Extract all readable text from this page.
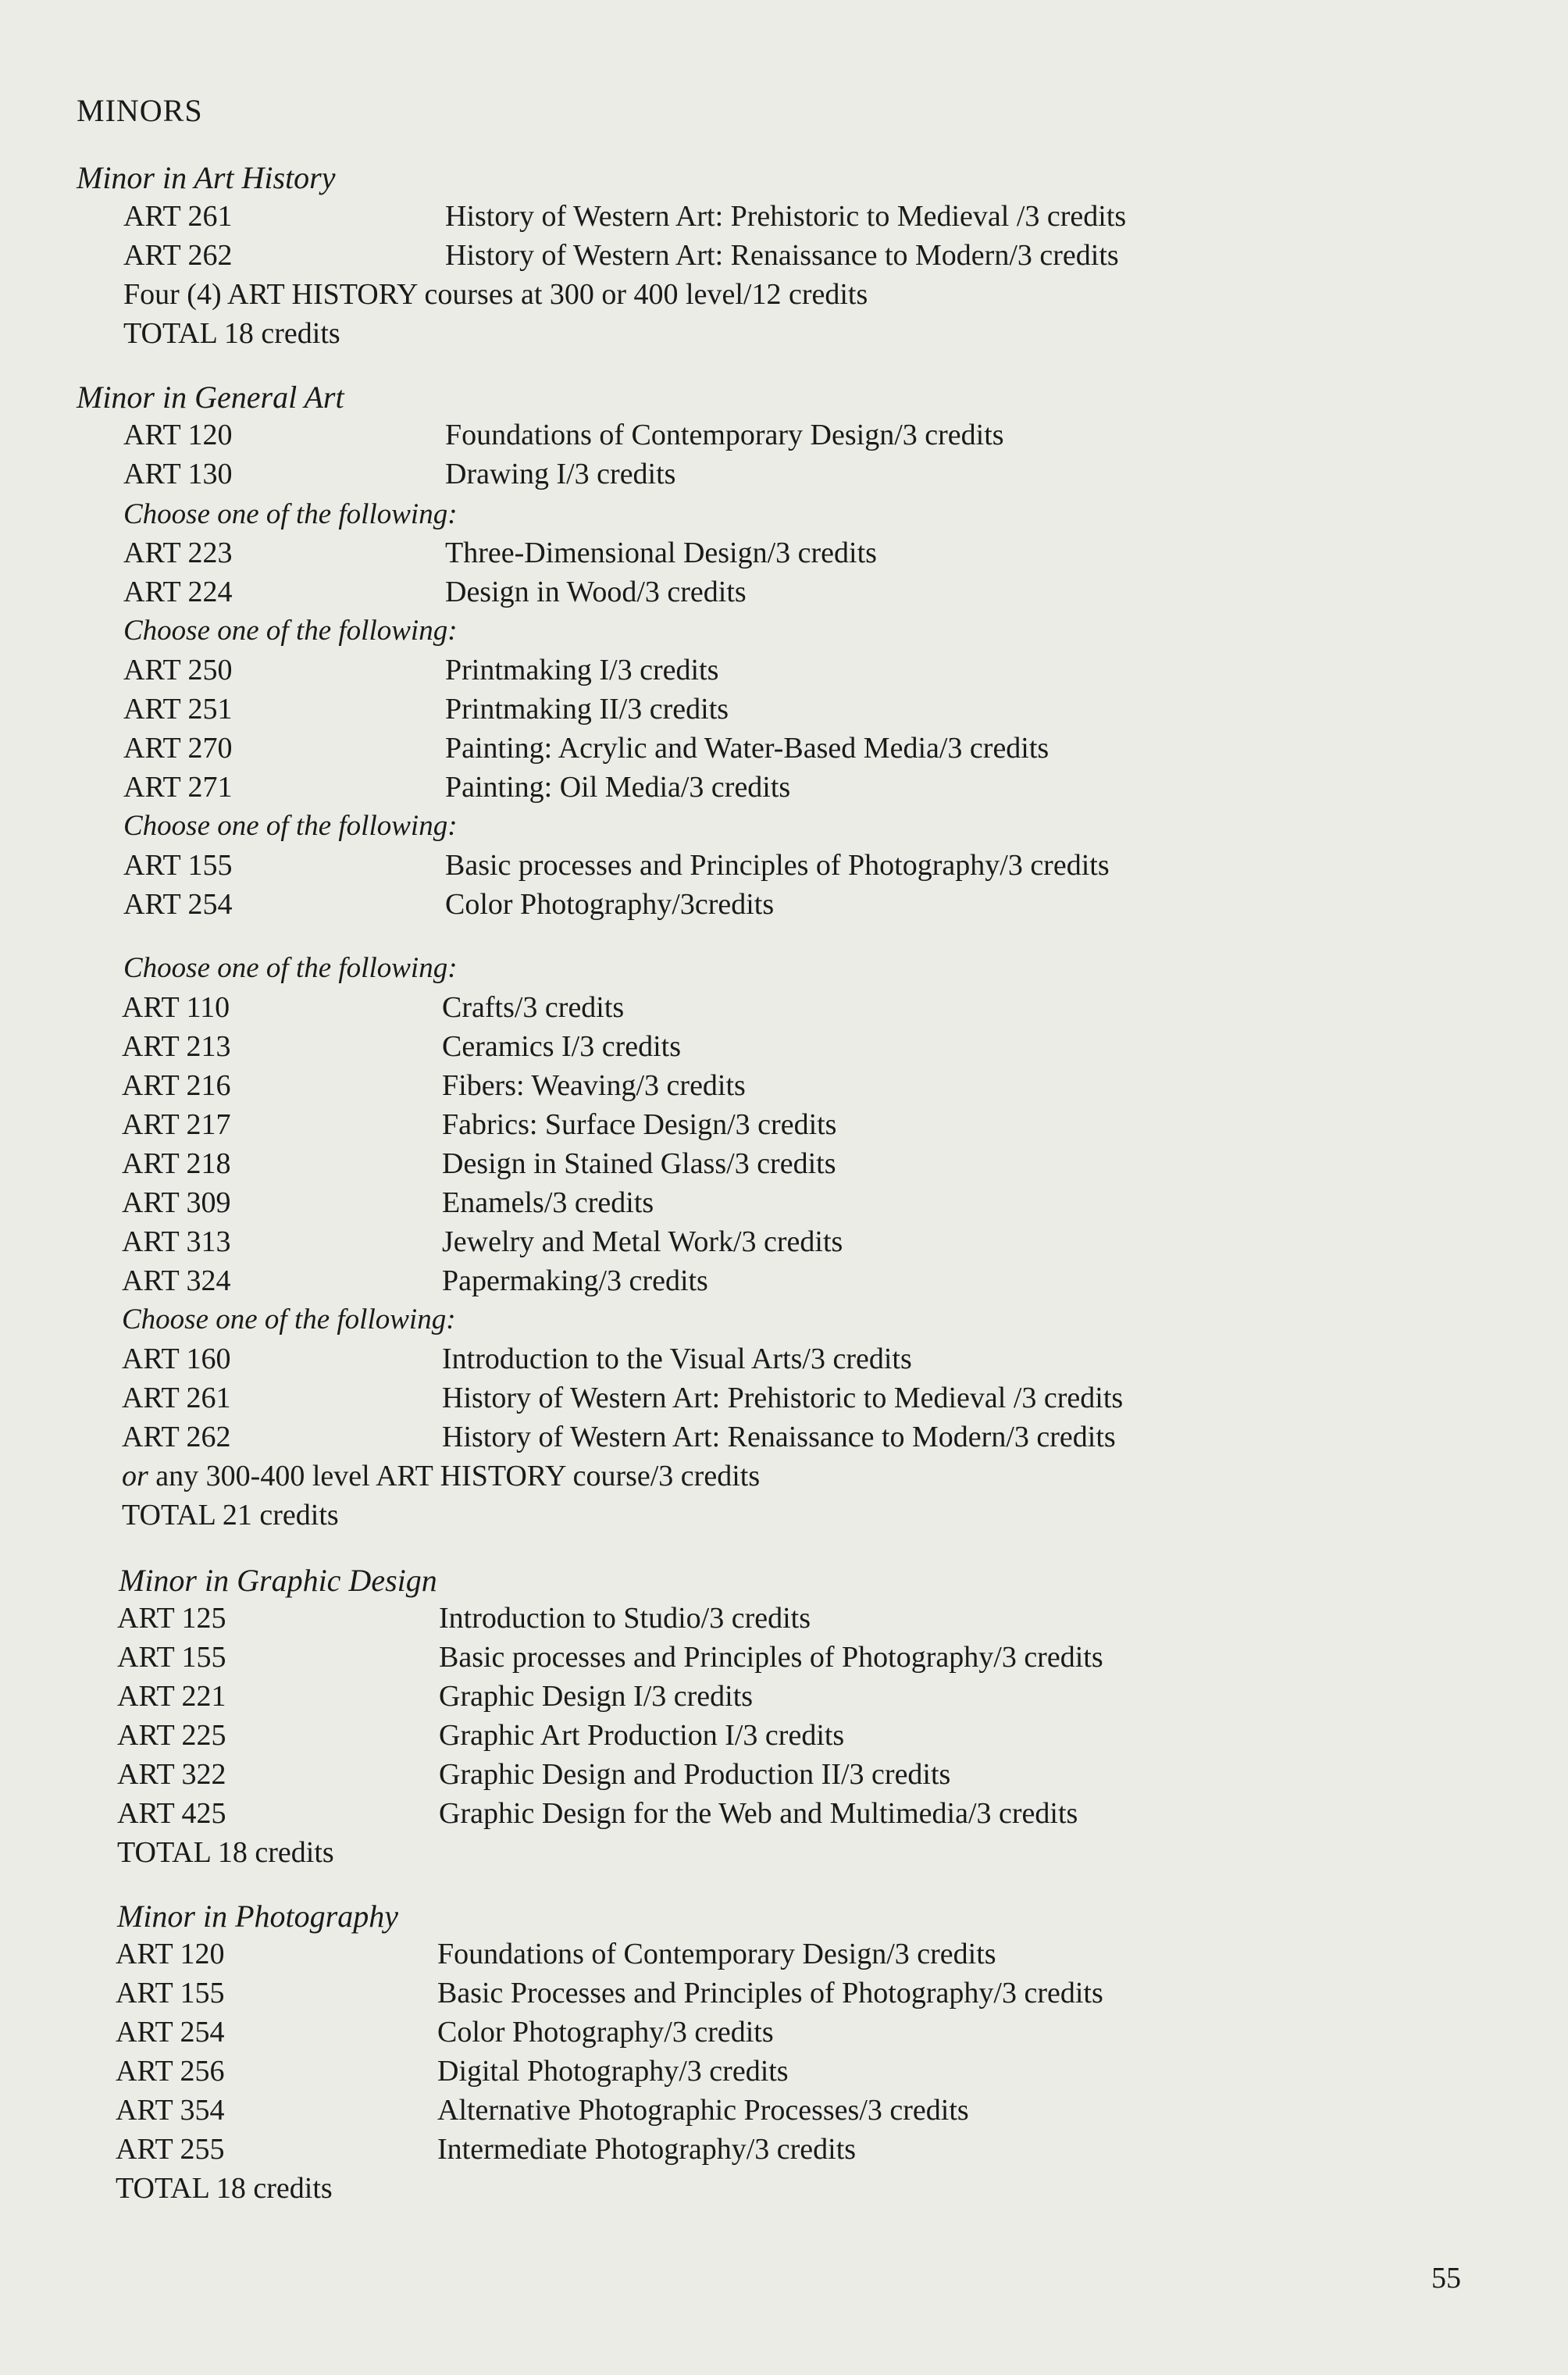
MINORS
Minor in Art History
ART 261	History of Western Art: Prehistoric to Medieval /3 credits
ART 262	History of Western Art: Renaissance to Modern/3 credits
Four (4) ART HISTORY courses at 300 or 400 level/12 credits
TOTAL 18 credits
Minor in General Art
ART 120	Foundations of Contemporary Design/3 credits
ART 130	Drawing I/3 credits
Choose one of the following:
ART 223	Three-Dimensional Design/3 credits
ART 224	Design in Wood/3 credits
Choose one of the following:
ART 250	Printmaking I/3 credits
ART 251	Printmaking II/3 credits
ART 270	Painting: Acrylic and Water-Based Media/3 credits
ART 271	Painting: Oil Media/3 credits
Choose one of the following:
ART 155	Basic processes and Principles of Photography/3 credits
ART 254	Color Photography/3credits
Choose one of the following:
ART 110	Crafts/3 credits
ART 213	Ceramics I/3 credits
ART 216	Fibers: Weaving/3 credits
ART 217	Fabrics: Surface Design/3 credits
ART 218	Design in Stained Glass/3 credits
ART 309	Enamels/3 credits
ART 313	Jewelry and Metal Work/3 credits
ART 324	Papermaking/3 credits
Choose one of the following:
ART 160	Introduction to the Visual Arts/3 credits
ART 261	History of Western Art: Prehistoric to Medieval /3 credits
ART 262	History of Western Art: Renaissance to Modern/3 credits
or any 300-400 level ART HISTORY course/3 credits
TOTAL 21 credits
Minor in Graphic Design
ART 125	Introduction to Studio/3 credits
ART 155	Basic processes and Principles of Photography/3 credits
ART 221	Graphic Design I/3 credits
ART 225	Graphic Art Production I/3 credits
ART 322	Graphic Design and Production II/3 credits
ART 425	Graphic Design for the Web and Multimedia/3 credits
TOTAL 18 credits
Minor in Photography
ART 120	Foundations of Contemporary Design/3 credits
ART 155	Basic Processes and Principles of Photography/3 credits
ART 254	Color Photography/3 credits
ART 256	Digital Photography/3 credits
ART 354	Alternative Photographic Processes/3 credits
ART 255	Intermediate Photography/3 credits
TOTAL 18 credits
55
